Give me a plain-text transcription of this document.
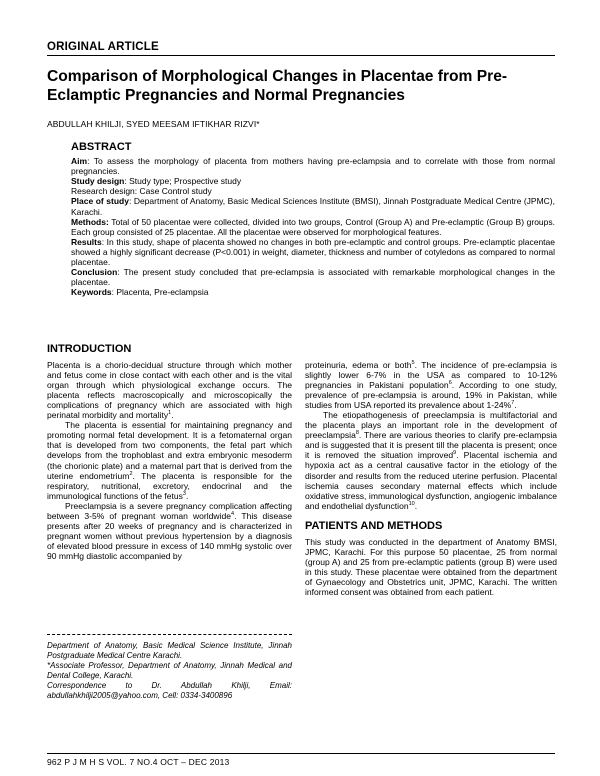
ORIGINAL ARTICLE
Comparison of Morphological Changes in Placentae from Pre-Eclamptic Pregnancies and Normal Pregnancies
ABDULLAH KHILJI, SYED MEESAM IFTIKHAR RIZVI*
ABSTRACT

Aim: To assess the morphology of placenta from mothers having pre-eclampsia and to correlate with those from normal pregnancies.

Study design: Study type; Prospective study

Research design: Case Control study

Place of study: Department of Anatomy, Basic Medical Sciences Institute (BMSI), Jinnah Postgraduate Medical Centre (JPMC), Karachi.

Methods: Total of 50 placentae were collected, divided into two groups, Control (Group A) and Pre-eclamptic (Group B) groups. Each group consisted of 25 placentae. All the placentae were observed for morphological features.

Results: In this study, shape of placenta showed no changes in both pre-eclamptic and control groups. Pre-eclamptic placentae showed a highly significant decrease (P<0.001) in weight, diameter, thickness and number of cotyledons as compared to normal placentae.

Conclusion: The present study concluded that pre-eclampsia is associated with remarkable morphological changes in the placentae.

Keywords: Placenta, Pre-eclampsia

INTRODUCTION

Placenta is a chorio-decidual structure through which mother and fetus come in close contact with each other and is the vital organ through which physiological exchange occurs. The placenta reflects macroscopically and microscopically the complications of pregnancy which are associated with high perinatal morbidity and mortality$^1$.

The placenta is essential for maintaining pregnancy and promoting normal fetal development. It is a fetomaternal organ that is developed from two components, the fetal part which develops from the trophoblast and extra embryonic mesoderm (the chorionic plate) and a maternal part that is derived from the uterine endometrium$^2$. The placenta is responsible for the respiratory, nutritional, excretory, endocrinal and the immunological functions of the fetus$^3$.

Preeclampsia is a severe pregnancy complication affecting between 3-5% of pregnant woman worldwide$^4$. This disease presents after 20 weeks of pregnancy and is characterized in pregnant women without previous hypertension by a diagnosis of elevated blood pressure in excess of 140 mmHg systolic over 90 mmHg diastolic accompanied by

Department of Anatomy, Basic Medical Science Institute, Jinnah Postgraduate Medical Centre Karachi.

*Associate Professor, Department of Anatomy, Jinnah Medical and Dental College, Karachi.

Correspondence to Dr. Abdullah Khilji, Email: abdullahkhilji2005@yahoo.com, Cell: 0334-3400896

proteinuria, edema or both$^5$. The incidence of pre-eclampsia is slightly lower 6-7% in the USA as compared to 10-12% pregnancies in Pakistani population$^6$. According to one study, prevalence of pre-eclampsia is around, 19% in Pakistan, while studies from USA reported its prevalence about 1-24%$^7$.

The etiopathogenesis of preeclampsia is multifactorial and the placenta plays an important role in the development of preeclampsia$^8$. There are various theories to clarify pre-eclampsia and is suggested that it is present till the placenta is present; once it is removed the situation improved$^9$. Placental ischemia and hypoxia act as a central causative factor in the etiology of the disorder and results from the reduced uterine perfusion. Placental ischemia causes secondary maternal effects which include oxidative stress, immunological dysfunction, angiogenic imbalance and endothelial dysfunction$^{10}$.

PATIENTS AND METHODS

This study was conducted in the department of Anatomy BMSI, JPMC, Karachi. For this purpose 50 placentae, 25 from normal (group A) and 25 from pre-eclamptic patients (group B) were used in this study. These placentae were obtained from the department of Gynaecology and Obstetrics unit, JPMC, Karachi. The written informed consent was obtained from each patient.

962 P J M H S VOL. 7 NO.4 OCT – DEC 2013
